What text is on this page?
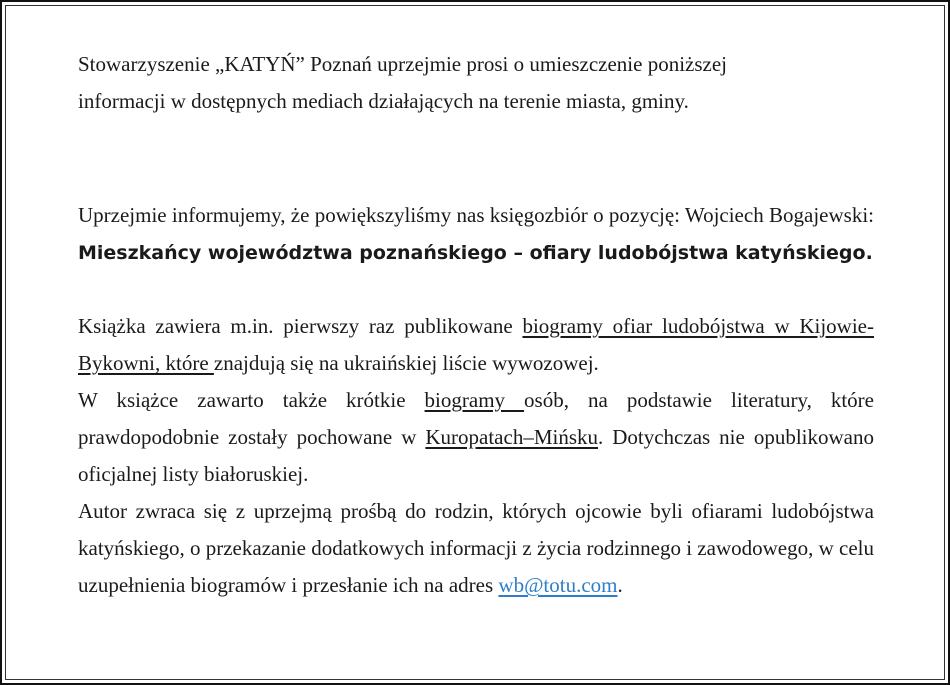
Stowarzyszenie „KATYŃ” Poznań uprzejmie prosi o umieszczenie poniższej
informacji w dostępnych mediach działających na terenie miasta, gminy.

Uprzejmie informujemy, że powiększyliśmy nas księgozbiór o pozycję: Wojciech Bogajewski: Mieszkańcy województwa poznańskiego – ofiary ludobójstwa katyńskiego.

Książka zawiera m.in. pierwszy raz publikowane biogramy ofiar ludobójstwa w Kijowie-Bykowni, które znajdują się na ukraińskiej liście wywozowej.

W książce zawarto także krótkie biogramy osób, na podstawie literatury, które prawdopodobnie zostały pochowane w Kuropatach–Mińsku. Dotychczas nie opublikowano oficjalnej listy białoruskiej.

Autor zwraca się z uprzejmą prośbą do rodzin, których ojcowie byli ofiarami ludobójstwa katyńskiego, o przekazanie dodatkowych informacji z życia rodzinnego i zawodowego, w celu uzupełnienia biogramów i przesłanie ich na adres wb@totu.com.
